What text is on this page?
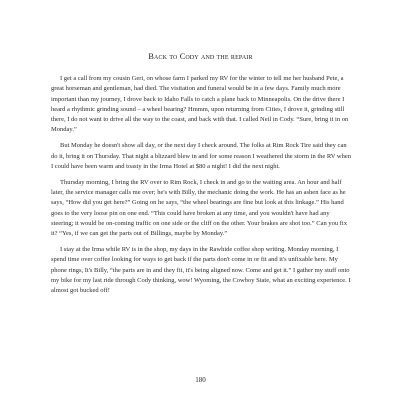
Back to Cody and the repair

I get a call from my cousin Geri, on whose farm I parked my RV for the winter to tell me her husband Pete, a great horseman and gentleman, had died. The visitation and funeral would be in a few days. Family much more important than my journey, I drove back to Idaho Falls to catch a plane back to Minneapolis. On the drive there I heard a rhythmic grinding sound – a wheel bearing? Hmmm, upon returning from Cities, I drove it, grinding still there, I do not want to drive all the way to the coast, and back with that. I called Neil in Cody. “Sure, bring it in on Monday.”

But Monday he doesn't show all day, or the next day I check around. The folks at Rim Rock Tire said they can do it, bring it on Thursday. That night a blizzard blew in and for some reason I weathered the storm in the RV when I could have been warm and toasty in the Irma Hotel at $80 a night! I did the next night.

Thursday morning, I bring the RV over to Rim Rock, I check in and go to the waiting area. An hour and half later, the service manager calls me over; he's with Billy, the mechanic doing the work. He has an ashen face as he says, “How did you get here?” Going on he says, “the wheel bearings are fine but look at this linkage.” His hand goes to the very loose pin on one end. “This could have broken at any time, and you wouldn't have had any steering; it would be on-coming traffic on one side or the cliff on the other. Your brakes are shot too.” Can you fix it? “Yes, if we can get the parts out of Billings, maybe by Monday.”

I stay at the Irma while RV is in the shop, my days in the Rawhide coffee shop writing. Monday morning, I spend time over coffee looking for ways to get back if the parts don't come in or fit and it's unfixable here. My phone rings, It's Billy, “the parts are in and they fit, it's being aligned now. Come and get it.” I gather my stuff onto my bike for my last ride through Cody thinking, wow! Wyoming, the Cowboy State, what an exciting experience. I almost got bucked off!

180
